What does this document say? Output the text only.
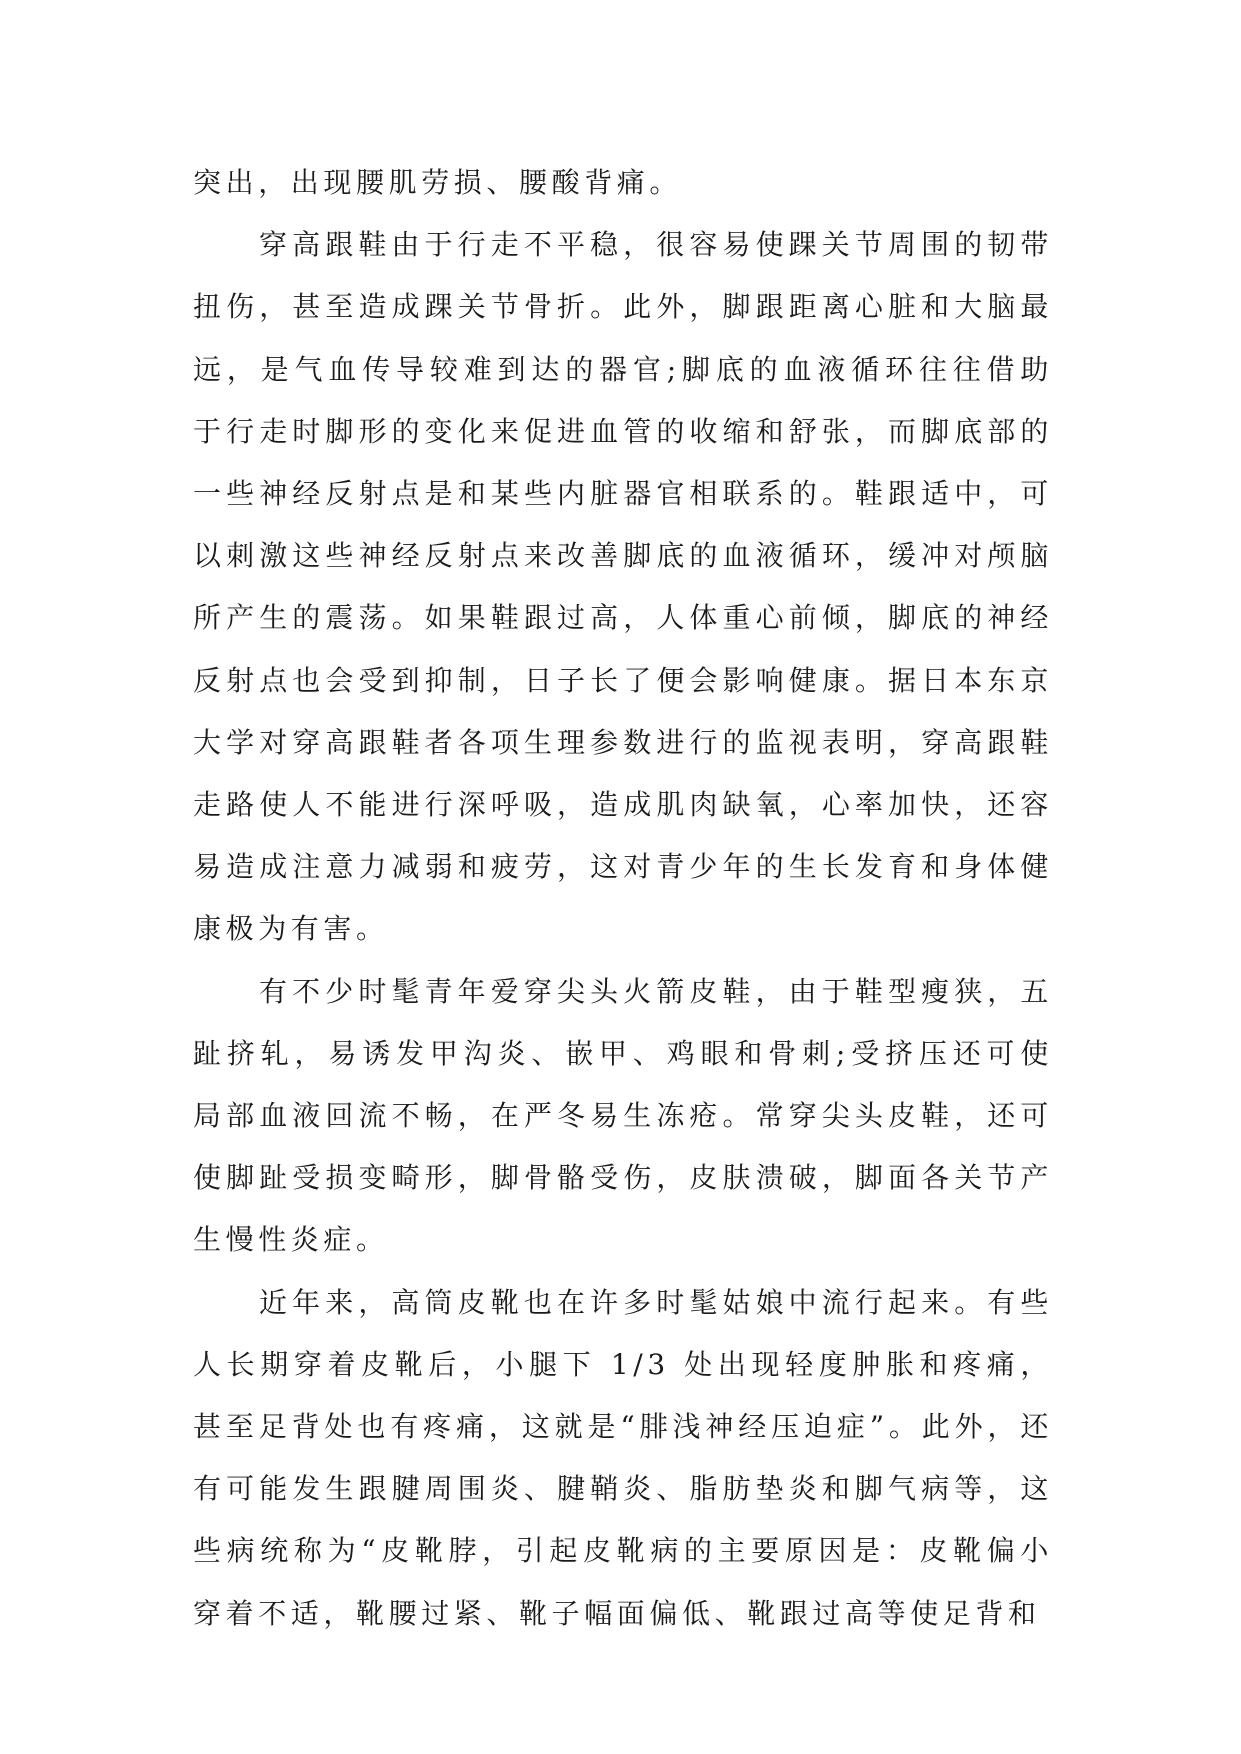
突出，出现腰肌劳损、腰酸背痛。

穿高跟鞋由于行走不平稳，很容易使踝关节周围的韧带扭伤，甚至造成踝关节骨折。此外，脚跟距离心脏和大脑最远，是气血传导较难到达的器官;脚底的血液循环往往借助于行走时脚形的变化来促进血管的收缩和舒张，而脚底部的一些神经反射点是和某些内脏器官相联系的。鞋跟适中，可以刺激这些神经反射点来改善脚底的血液循环，缓冲对颅脑所产生的震荡。如果鞋跟过高，人体重心前倾，脚底的神经反射点也会受到抑制，日子长了便会影响健康。据日本东京大学对穿高跟鞋者各项生理参数进行的监视表明，穿高跟鞋走路使人不能进行深呼吸，造成肌肉缺氧，心率加快，还容易造成注意力减弱和疲劳，这对青少年的生长发育和身体健康极为有害。

有不少时髦青年爱穿尖头火箭皮鞋，由于鞋型瘦狭，五趾挤轧，易诱发甲沟炎、嵌甲、鸡眼和骨刺;受挤压还可使局部血液回流不畅，在严冬易生冻疮。常穿尖头皮鞋，还可使脚趾受损变畸形，脚骨骼受伤，皮肤溃破，脚面各关节产生慢性炎症。

近年来，高筒皮靴也在许多时髦姑娘中流行起来。有些人长期穿着皮靴后，小腿下 1/3 处出现轻度肿胀和疼痛，甚至足背处也有疼痛，这就是“腓浅神经压迫症”。此外，还有可能发生跟腱周围炎、腱鞘炎、脂肪垫炎和脚气病等，这些病统称为“皮靴脖，引起皮靴病的主要原因是：皮靴偏小穿着不适，靴腰过紧、靴子幅面偏低、靴跟过高等使足背和
